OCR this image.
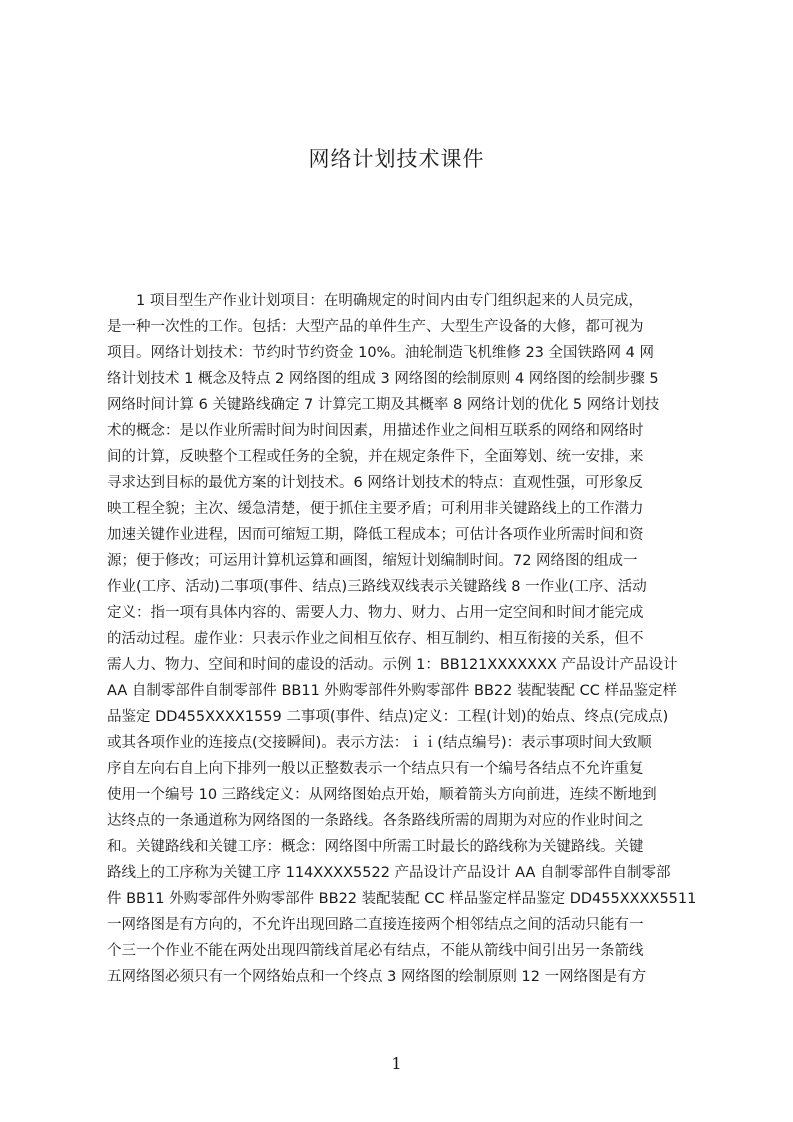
网络计划技术课件
　　1 项目型生产作业计划项目：在明确规定的时间内由专门组织起来的人员完成，
是一种一次性的工作。包括：大型产品的单件生产、大型生产设备的大修，都可视为
项目。网络计划技术：节约时节约资金 10%。油轮制造飞机维修 23 全国铁路网 4 网
络计划技术 1 概念及特点 2 网络图的组成 3 网络图的绘制原则 4 网络图的绘制步骤 5
网络时间计算 6 关键路线确定 7 计算完工期及其概率 8 网络计划的优化 5 网络计划技
术的概念：是以作业所需时间为时间因素，用描述作业之间相互联系的网络和网络时
间的计算，反映整个工程或任务的全貌，并在规定条件下，全面筹划、统一安排，来
寻求达到目标的最优方案的计划技术。6 网络计划技术的特点：直观性强，可形象反
映工程全貌；主次、缓急清楚，便于抓住主要矛盾；可利用非关键路线上的工作潜力
加速关键作业进程，因而可缩短工期，降低工程成本；可估计各项作业所需时间和资
源；便于修改；可运用计算机运算和画图，缩短计划编制时间。72 网络图的组成一
作业(工序、活动)二事项(事件、结点)三路线双线表示关键路线 8 一作业(工序、活动
定义：指一项有具体内容的、需要人力、物力、财力、占用一定空间和时间才能完成
的活动过程。虚作业：只表示作业之间相互依存、相互制约、相互衔接的关系，但不
需人力、物力、空间和时间的虚设的活动。示例 1：BB121XXXXXXX 产品设计产品设计
AA 自制零部件自制零部件 BB11 外购零部件外购零部件 BB22 装配装配 CC 样品鉴定样
品鉴定 DD455XXXX1559 二事项(事件、结点)定义：工程(计划)的始点、终点(完成点)
或其各项作业的连接点(交接瞬间)。表示方法：ｉｉ(结点编号)：表示事项时间大致顺
序自左向右自上向下排列一般以正整数表示一个结点只有一个编号各结点不允许重复
使用一个编号 10 三路线定义：从网络图始点开始，顺着箭头方向前进，连续不断地到
达终点的一条通道称为网络图的一条路线。各条路线所需的周期为对应的作业时间之
和。关键路线和关键工序：概念：网络图中所需工时最长的路线称为关键路线。关键
路线上的工序称为关键工序 114XXXX5522 产品设计产品设计 AA 自制零部件自制零部
件 BB11 外购零部件外购零部件 BB22 装配装配 CC 样品鉴定样品鉴定 DD455XXXX5511
一网络图是有方向的，不允许出现回路二直接连接两个相邻结点之间的活动只能有一
个三一个作业不能在两处出现四箭线首尾必有结点，不能从箭线中间引出另一条箭线
五网络图必须只有一个网络始点和一个终点 3 网络图的绘制原则 12 一网络图是有方
1
